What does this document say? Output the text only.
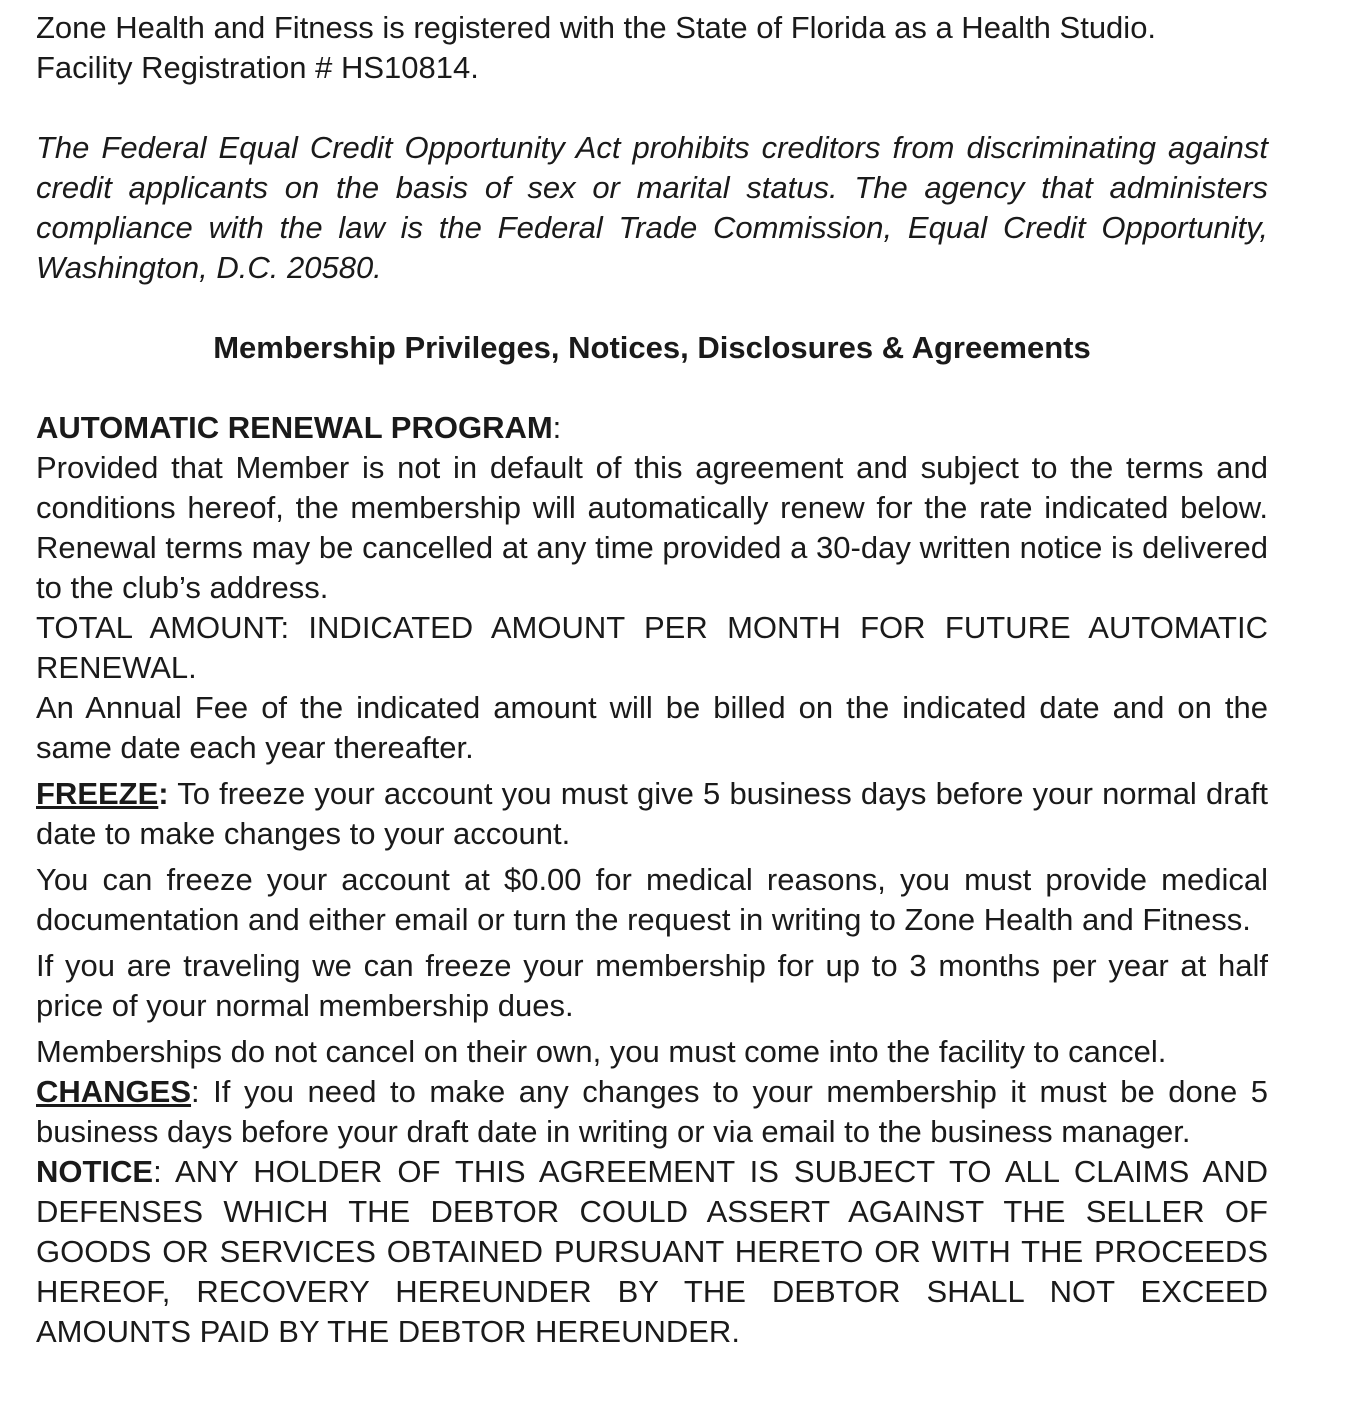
Zone Health and Fitness is registered with the State of Florida as a Health Studio.
Facility Registration # HS10814.

The Federal Equal Credit Opportunity Act prohibits creditors from discriminating against credit applicants on the basis of sex or marital status. The agency that administers compliance with the law is the Federal Trade Commission, Equal Credit Opportunity, Washington, D.C. 20580.

Membership Privileges, Notices, Disclosures & Agreements

AUTOMATIC RENEWAL PROGRAM:

Provided that Member is not in default of this agreement and subject to the terms and conditions hereof, the membership will automatically renew for the rate indicated below. Renewal terms may be cancelled at any time provided a 30-day written notice is delivered to the club’s address.

TOTAL AMOUNT: INDICATED AMOUNT PER MONTH FOR FUTURE AUTOMATIC RENEWAL.

An Annual Fee of the indicated amount will be billed on the indicated date and on the same date each year thereafter.

FREEZE: To freeze your account you must give 5 business days before your normal draft date to make changes to your account.

You can freeze your account at $0.00 for medical reasons, you must provide medical documentation and either email or turn the request in writing to Zone Health and Fitness.

If you are traveling we can freeze your membership for up to 3 months per year at half price of your normal membership dues.

Memberships do not cancel on their own, you must come into the facility to cancel.

CHANGES: If you need to make any changes to your membership it must be done 5 business days before your draft date in writing or via email to the business manager.

NOTICE: ANY HOLDER OF THIS AGREEMENT IS SUBJECT TO ALL CLAIMS AND DEFENSES WHICH THE DEBTOR COULD ASSERT AGAINST THE SELLER OF GOODS OR SERVICES OBTAINED PURSUANT HERETO OR WITH THE PROCEEDS HEREOF, RECOVERY HEREUNDER BY THE DEBTOR SHALL NOT EXCEED AMOUNTS PAID BY THE DEBTOR HEREUNDER.
